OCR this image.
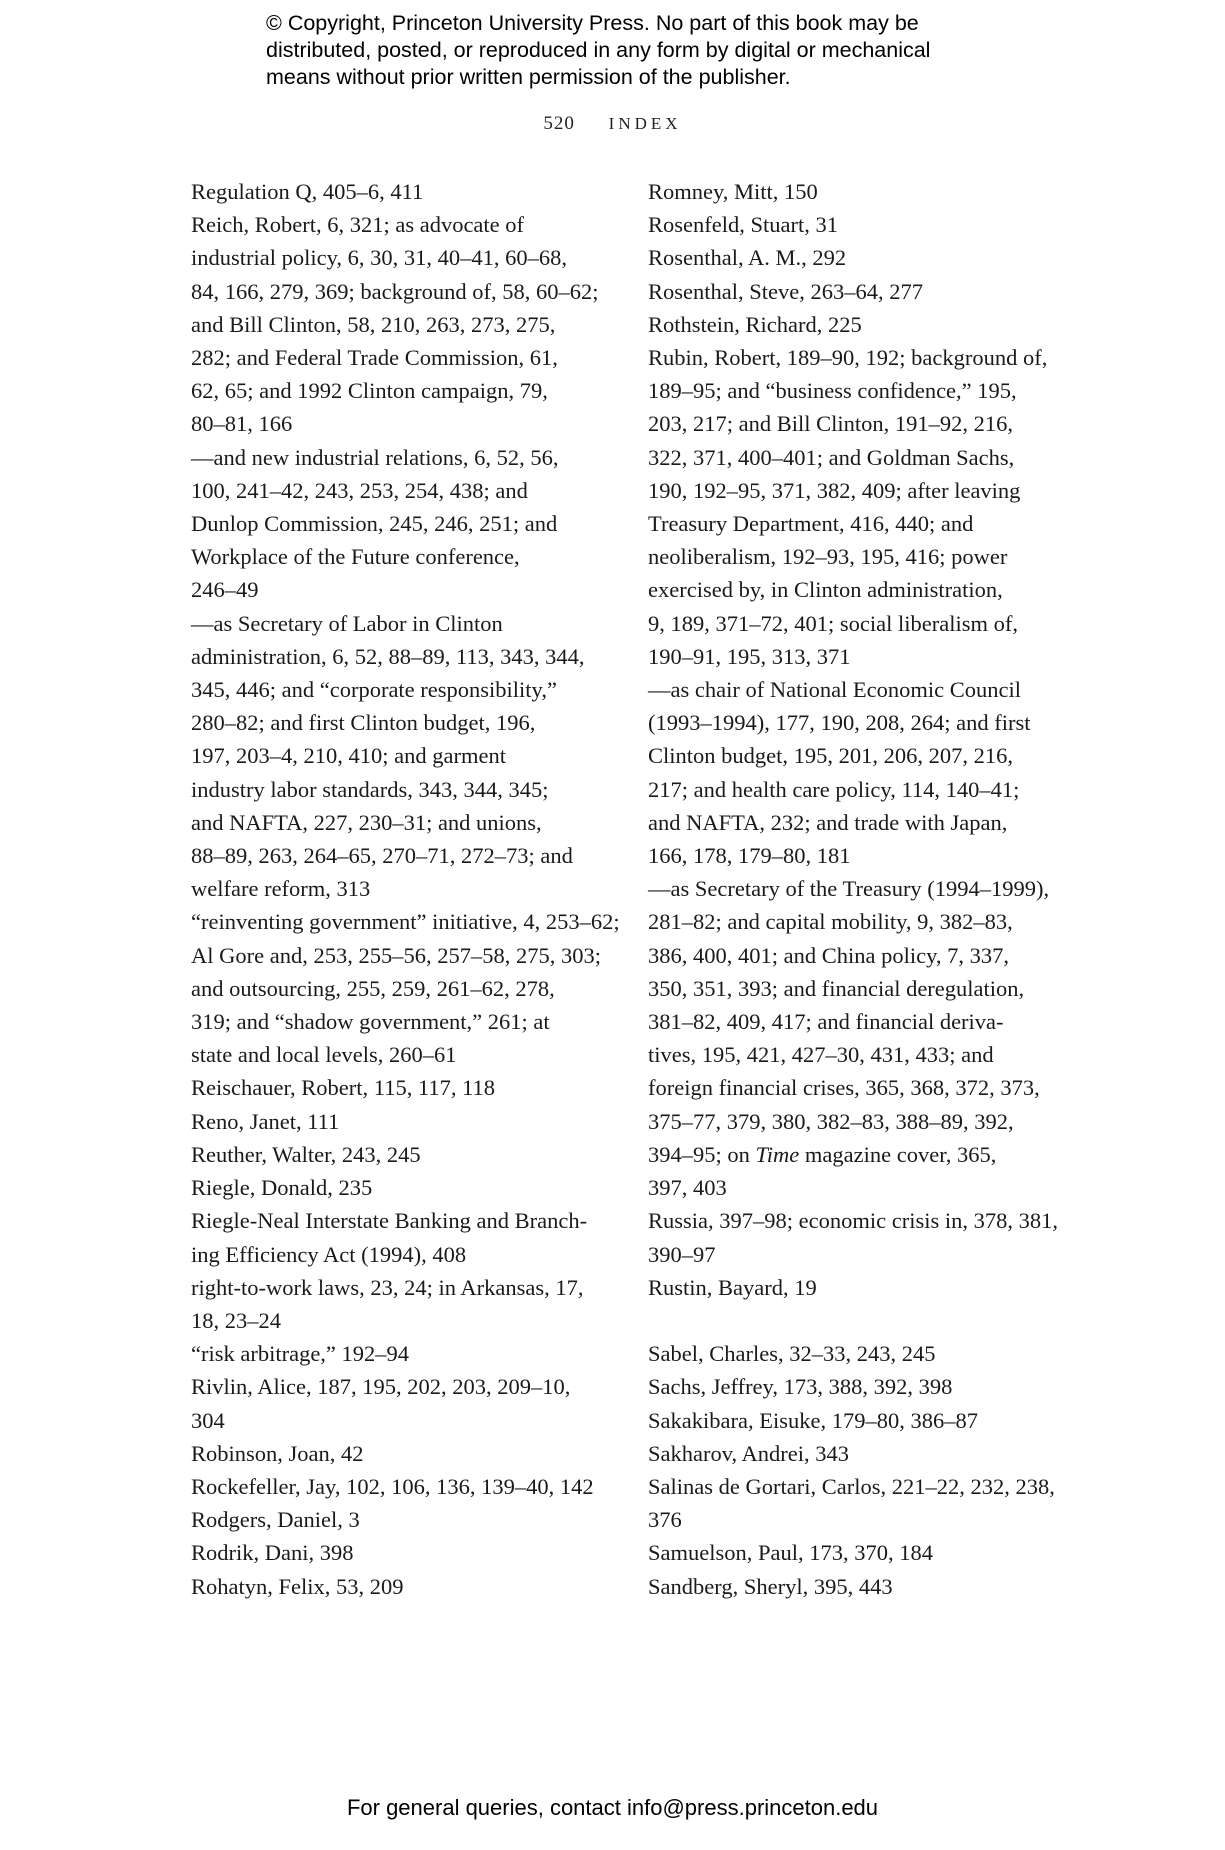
© Copyright, Princeton University Press. No part of this book may be
distributed, posted, or reproduced in any form by digital or mechanical
means without prior written permission of the publisher.
520 INDEX

Regulation Q, 405–6, 411

Reich, Robert, 6, 321; as advocate of
industrial policy, 6, 30, 31, 40–41, 60–68,
84, 166, 279, 369; background of, 58, 60–62;
and Bill Clinton, 58, 210, 263, 273, 275,
282; and Federal Trade Commission, 61,
62, 65; and 1992 Clinton campaign, 79,
80–81, 166

—and new industrial relations, 6, 52, 56,
100, 241–42, 243, 253, 254, 438; and
Dunlop Commission, 245, 246, 251; and
Workplace of the Future conference,
246–49

—as Secretary of Labor in Clinton
administration, 6, 52, 88–89, 113, 343, 344,
345, 446; and “corporate responsibility,”
280–82; and first Clinton budget, 196,
197, 203–4, 210, 410; and garment
industry labor standards, 343, 344, 345;
and NAFTA, 227, 230–31; and unions,
88–89, 263, 264–65, 270–71, 272–73; and
welfare reform, 313

“reinventing government” initiative, 4, 253–62;
Al Gore and, 253, 255–56, 257–58, 275, 303;
and outsourcing, 255, 259, 261–62, 278,
319; and “shadow government,” 261; at
state and local levels, 260–61

Reischauer, Robert, 115, 117, 118

Reno, Janet, 111

Reuther, Walter, 243, 245

Riegle, Donald, 235

Riegle-Neal Interstate Banking and Branch-
ing Efficiency Act (1994), 408

right-to-work laws, 23, 24; in Arkansas, 17,
18, 23–24

“risk arbitrage,” 192–94

Rivlin, Alice, 187, 195, 202, 203, 209–10,
304

Robinson, Joan, 42

Rockefeller, Jay, 102, 106, 136, 139–40, 142

Rodgers, Daniel, 3

Rodrik, Dani, 398

Rohatyn, Felix, 53, 209

Romney, Mitt, 150

Rosenfeld, Stuart, 31

Rosenthal, A. M., 292

Rosenthal, Steve, 263–64, 277

Rothstein, Richard, 225

Rubin, Robert, 189–90, 192; background of,
189–95; and “business confidence,” 195,
203, 217; and Bill Clinton, 191–92, 216,
322, 371, 400–401; and Goldman Sachs,
190, 192–95, 371, 382, 409; after leaving
Treasury Department, 416, 440; and
neoliberalism, 192–93, 195, 416; power
exercised by, in Clinton administration,
9, 189, 371–72, 401; social liberalism of,
190–91, 195, 313, 371

—as chair of National Economic Council
(1993–1994), 177, 190, 208, 264; and first
Clinton budget, 195, 201, 206, 207, 216,
217; and health care policy, 114, 140–41;
and NAFTA, 232; and trade with Japan,
166, 178, 179–80, 181

—as Secretary of the Treasury (1994–1999),
281–82; and capital mobility, 9, 382–83,
386, 400, 401; and China policy, 7, 337,
350, 351, 393; and financial deregulation,
381–82, 409, 417; and financial deriva-
tives, 195, 421, 427–30, 431, 433; and
foreign financial crises, 365, 368, 372, 373,
375–77, 379, 380, 382–83, 388–89, 392,
394–95; on Time magazine cover, 365,
397, 403

Russia, 397–98; economic crisis in, 378, 381,
390–97

Rustin, Bayard, 19

Sabel, Charles, 32–33, 243, 245

Sachs, Jeffrey, 173, 388, 392, 398

Sakakibara, Eisuke, 179–80, 386–87

Sakharov, Andrei, 343

Salinas de Gortari, Carlos, 221–22, 232, 238,
376

Samuelson, Paul, 173, 370, 184

Sandberg, Sheryl, 395, 443

For general queries, contact info@press.princeton.edu
